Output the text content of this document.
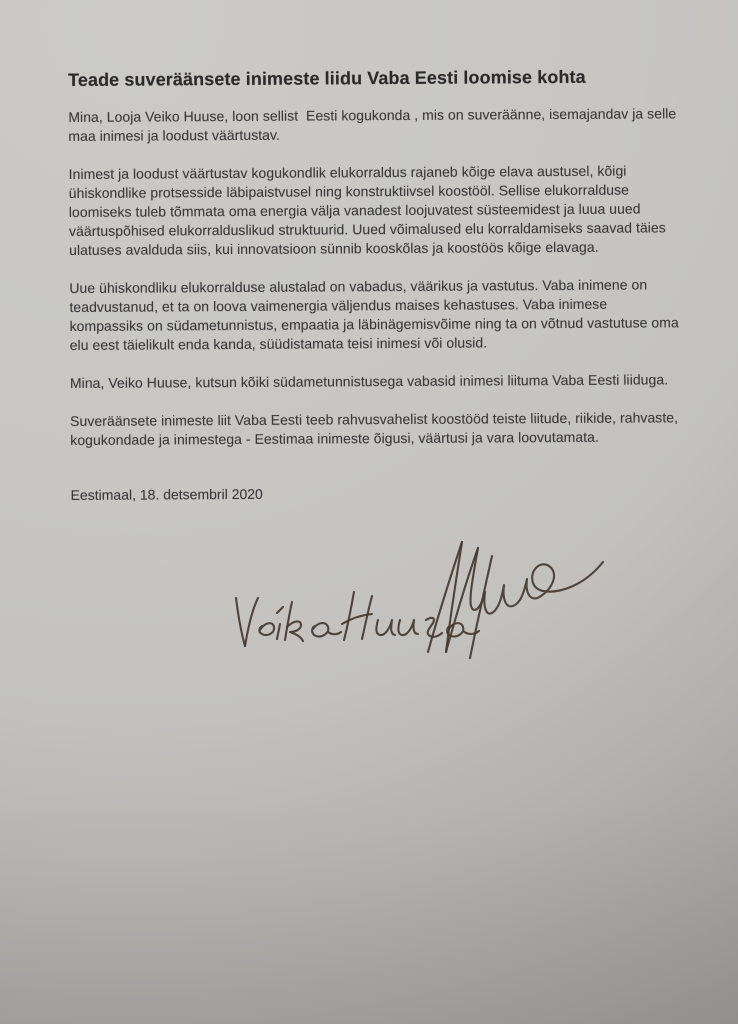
Teade suveräänsete inimeste liidu Vaba Eesti loomise kohta

Mina, Looja Veiko Huuse, loon sellist  Eesti kogukonda , mis on suveräänne, isemajandav ja selle maa inimesi ja loodust väärtustav.

Inimest ja loodust väärtustav kogukondlik elukorraldus rajaneb kõige elava austusel, kõigi ühiskondlike protsesside läbipaistvusel ning konstruktiivsel koostööl. Sellise elukorralduse loomiseks tuleb tõmmata oma energia välja vanadest loojuvatest süsteemidest ja luua uued väärtuspõhised elukorralduslikud struktuurid. Uued võimalused elu korraldamiseks saavad täies ulatuses avalduda siis, kui innovatsioon sünnib kooskõlas ja koostöös kõige elavaga.

Uue ühiskondliku elukorralduse alustalad on vabadus, väärikus ja vastutus. Vaba inimene on teadvustanud, et ta on loova vaimenergia väljendus maises kehastuses. Vaba inimese kompassiks on südametunnistus, empaatia ja läbinägemisvõime ning ta on võtnud vastutuse oma elu eest täielikult enda kanda, süüdistamata teisi inimesi või olusid.

Mina, Veiko Huuse, kutsun kõiki südametunnistusega vabasid inimesi liituma Vaba Eesti liiduga.

Suveräänsete inimeste liit Vaba Eesti teeb rahvusvahelist koostööd teiste liitude, riikide, rahvaste, kogukondade ja inimestega - Eestimaa inimeste õigusi, väärtusi ja vara loovutamata.

Eestimaal, 18. detsembril 2020
